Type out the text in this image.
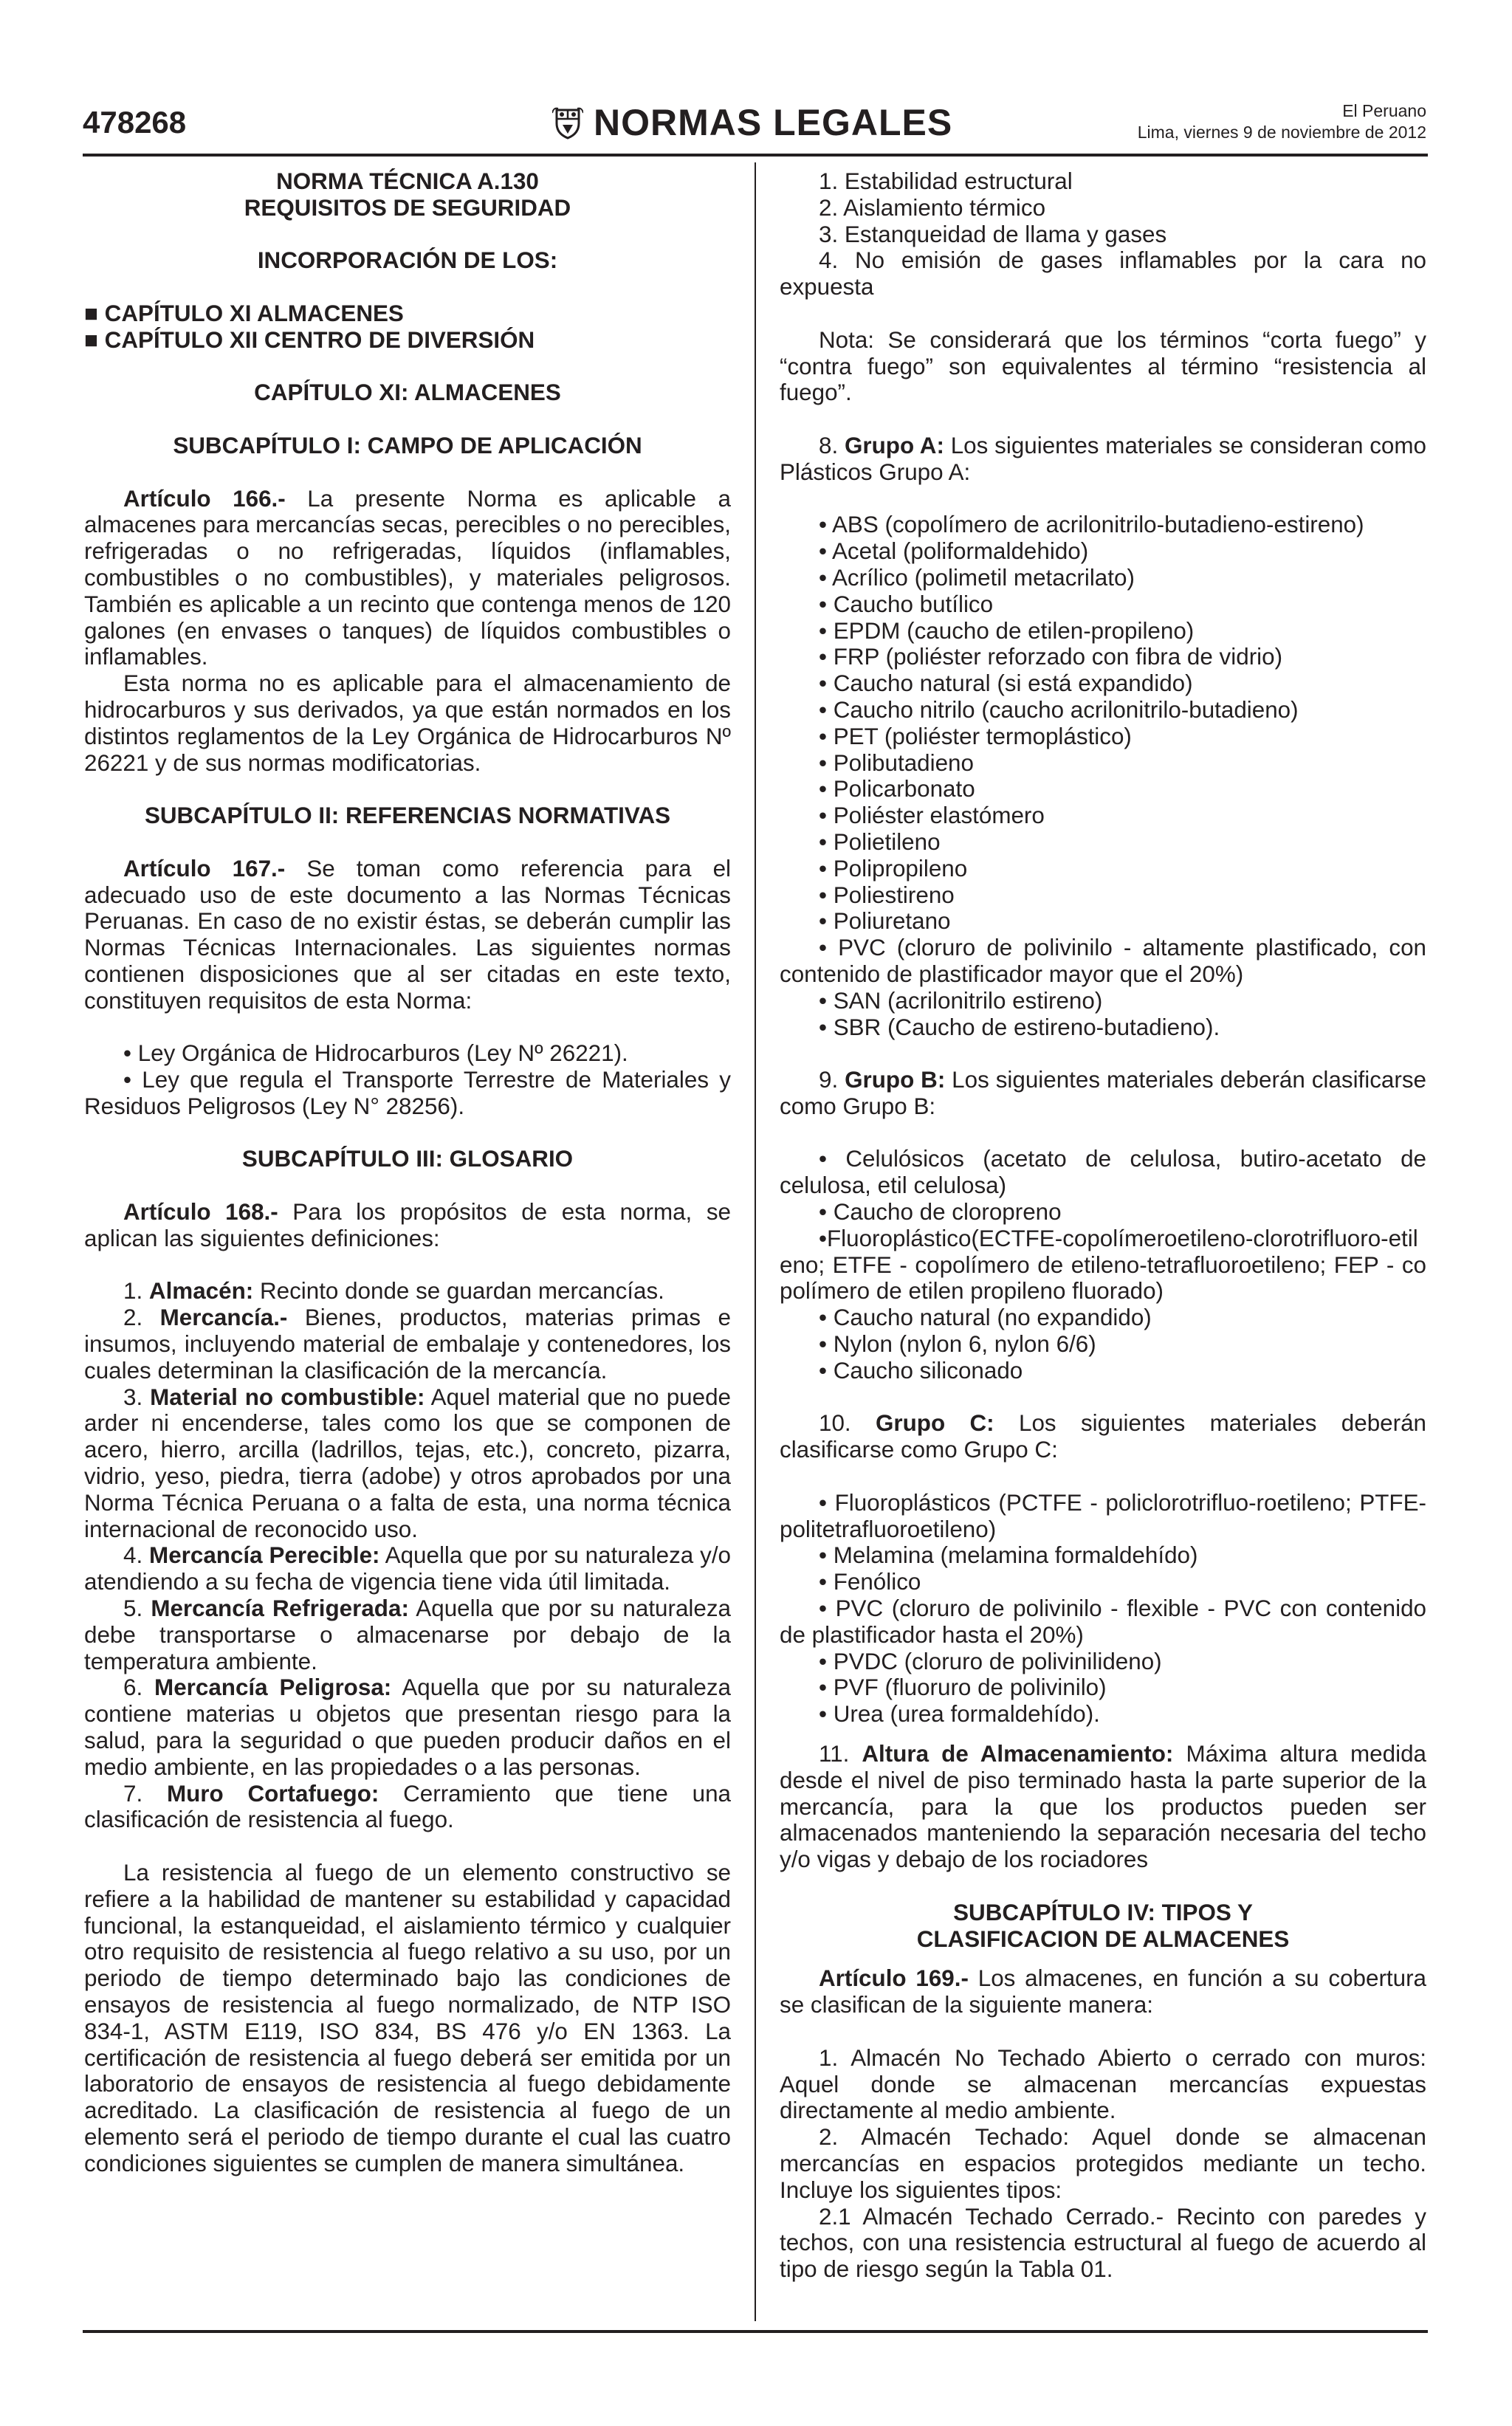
478268	NORMAS LEGALES	El Peruano
Lima, viernes 9 de noviembre de 2012

NORMA TÉCNICA A.130

REQUISITOS DE SEGURIDAD

INCORPORACIÓN DE LOS:

■ CAPÍTULO XI ALMACENES

■ CAPÍTULO XII CENTRO DE DIVERSIÓN

CAPÍTULO XI: ALMACENES

SUBCAPÍTULO I: CAMPO DE APLICACIÓN

Artículo 166.- La presente Norma es aplicable a almacenes para mercancías secas, perecibles o no perecibles, refrigeradas o no refrigeradas, líquidos (inflamables, combustibles o no combustibles), y materiales peligrosos. También es aplicable a un recinto que contenga menos de 120 galones (en envases o tanques) de líquidos combustibles o inflamables.

Esta norma no es aplicable para el almacenamiento de hidrocarburos y sus derivados, ya que están normados en los distintos reglamentos de la Ley Orgánica de Hidrocarburos Nº 26221 y de sus normas modificatorias.

SUBCAPÍTULO II: REFERENCIAS NORMATIVAS

Artículo 167.- Se toman como referencia para el adecuado uso de este documento a las Normas Técnicas Peruanas. En caso de no existir éstas, se deberán cumplir las Normas Técnicas Internacionales. Las siguientes normas contienen disposiciones que al ser citadas en este texto, constituyen requisitos de esta Norma:

• Ley Orgánica de Hidrocarburos (Ley Nº 26221).

• Ley que regula el Transporte Terrestre de Materiales y Residuos Peligrosos (Ley N° 28256).

SUBCAPÍTULO III: GLOSARIO

Artículo 168.- Para los propósitos de esta norma, se aplican las siguientes definiciones:

1. Almacén: Recinto donde se guardan mercancías.

2. Mercancía.- Bienes, productos, materias primas e insumos, incluyendo material de embalaje y contenedores, los cuales determinan la clasificación de la mercancía.

3. Material no combustible: Aquel material que no puede arder ni encenderse, tales como los que se componen de acero, hierro, arcilla (ladrillos, tejas, etc.), concreto, pizarra, vidrio, yeso, piedra, tierra (adobe) y otros aprobados por una Norma Técnica Peruana o a falta de esta, una norma técnica internacional de reconocido uso.

4. Mercancía Perecible: Aquella que por su naturaleza y/o atendiendo a su fecha de vigencia tiene vida útil limitada.

5. Mercancía Refrigerada: Aquella que por su naturaleza debe transportarse o almacenarse por debajo de la temperatura ambiente.

6. Mercancía Peligrosa: Aquella que por su naturaleza contiene materias u objetos que presentan riesgo para la salud, para la seguridad o que pueden producir daños en el medio ambiente, en las propiedades o a las personas.

7. Muro Cortafuego: Cerramiento que tiene una clasificación de resistencia al fuego.

La resistencia al fuego de un elemento constructivo se refiere a la habilidad de mantener su estabilidad y capacidad funcional, la estanqueidad, el aislamiento térmico y cualquier otro requisito de resistencia al fuego relativo a su uso, por un periodo de tiempo determinado bajo las condiciones de ensayos de resistencia al fuego normalizado, de NTP ISO 834-1, ASTM E119, ISO 834, BS 476 y/o EN 1363. La certificación de resistencia al fuego deberá ser emitida por un laboratorio de ensayos de resistencia al fuego debidamente acreditado. La clasificación de resistencia al fuego de un elemento será el periodo de tiempo durante el cual las cuatro condiciones siguientes se cumplen de manera simultánea.

1. Estabilidad estructural

2. Aislamiento térmico

3. Estanqueidad de llama y gases

4. No emisión de gases inflamables por la cara no expuesta

Nota: Se considerará que los términos “corta fuego” y “contra fuego” son equivalentes al término “resistencia al fuego”.

8. Grupo A: Los siguientes materiales se consideran como Plásticos Grupo A:

• ABS (copolímero de acrilonitrilo-butadieno-estireno)

• Acetal (poliformaldehido)

• Acrílico (polimetil metacrilato)

• Caucho butílico

• EPDM (caucho de etilen-propileno)

• FRP (poliéster reforzado con fibra de vidrio)

• Caucho natural (si está expandido)

• Caucho nitrilo (caucho acrilonitrilo-butadieno)

• PET (poliéster termoplástico)

• Polibutadieno

• Policarbonato

• Poliéster elastómero

• Polietileno

• Polipropileno

• Poliestireno

• Poliuretano

• PVC (cloruro de polivinilo - altamente plastificado, con contenido de plastificador mayor que el 20%)

• SAN (acrilonitrilo estireno)

• SBR (Caucho de estireno-butadieno).

9. Grupo B: Los siguientes materiales deberán clasificarse como Grupo B:

• Celulósicos (acetato de celulosa, butiro-acetato de celulosa, etil celulosa)

• Caucho de cloropreno

•Fluoroplástico(ECTFE-copolímeroetileno-clorotrifluoro-etileno; ETFE - copolímero de etileno-tetrafluoroetileno; FEP - copolímero de etilen propileno fluorado)

• Caucho natural (no expandido)

• Nylon (nylon 6, nylon 6/6)

• Caucho siliconado

10. Grupo C: Los siguientes materiales deberán clasificarse como Grupo C:

• Fluoroplásticos (PCTFE - policlorotrifluo-roetileno; PTFE- politetrafluoroetileno)

• Melamina (melamina formaldehído)

• Fenólico

• PVC (cloruro de polivinilo - flexible - PVC con contenido de plastificador hasta el 20%)

• PVDC (cloruro de polivinilideno)

• PVF (fluoruro de polivinilo)

• Urea (urea formaldehído).

11. Altura de Almacenamiento: Máxima altura medida desde el nivel de piso terminado hasta la parte superior de la mercancía, para la que los productos pueden ser almacenados manteniendo la separación necesaria del techo y/o vigas y debajo de los rociadores

SUBCAPÍTULO IV: TIPOS Y

CLASIFICACION DE ALMACENES

Artículo 169.- Los almacenes, en función a su cobertura se clasifican de la siguiente manera:

1. Almacén No Techado Abierto o cerrado con muros: Aquel donde se almacenan mercancías expuestas directamente al medio ambiente.

2. Almacén Techado: Aquel donde se almacenan mercancías en espacios protegidos mediante un techo. Incluye los siguientes tipos:

2.1 Almacén Techado Cerrado.- Recinto con paredes y techos, con una resistencia estructural al fuego de acuerdo al tipo de riesgo según la Tabla 01.
